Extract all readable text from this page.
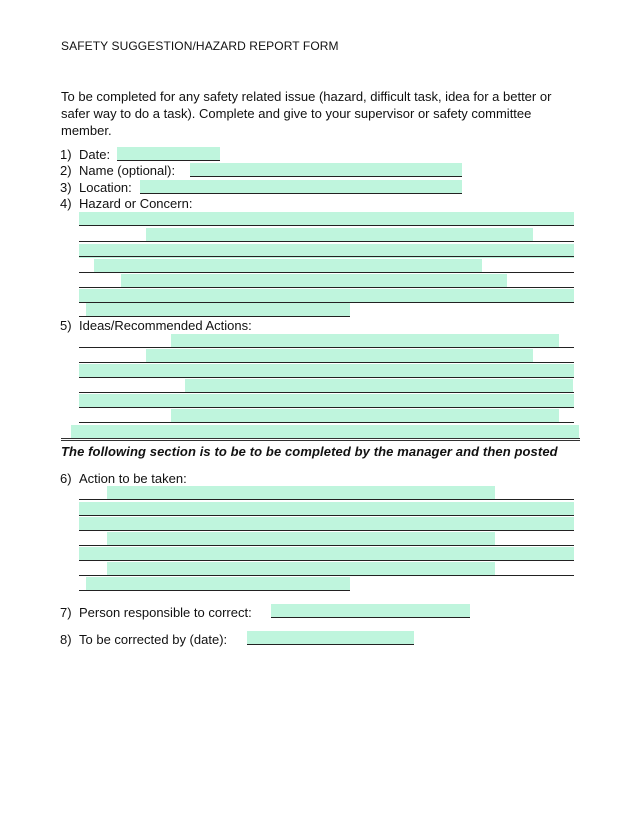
SAFETY SUGGESTION/HAZARD REPORT FORM
To be completed for any safety related issue (hazard, difficult task, idea for a better or safer way to do a task). Complete and give to your supervisor or safety committee member.
1) Date:
2) Name (optional):
3) Location:
4) Hazard or Concern:
5) Ideas/Recommended Actions:
The following section is to be to be completed by the manager and then posted
6) Action to be taken:
7) Person responsible to correct:
8) To be corrected by (date):
